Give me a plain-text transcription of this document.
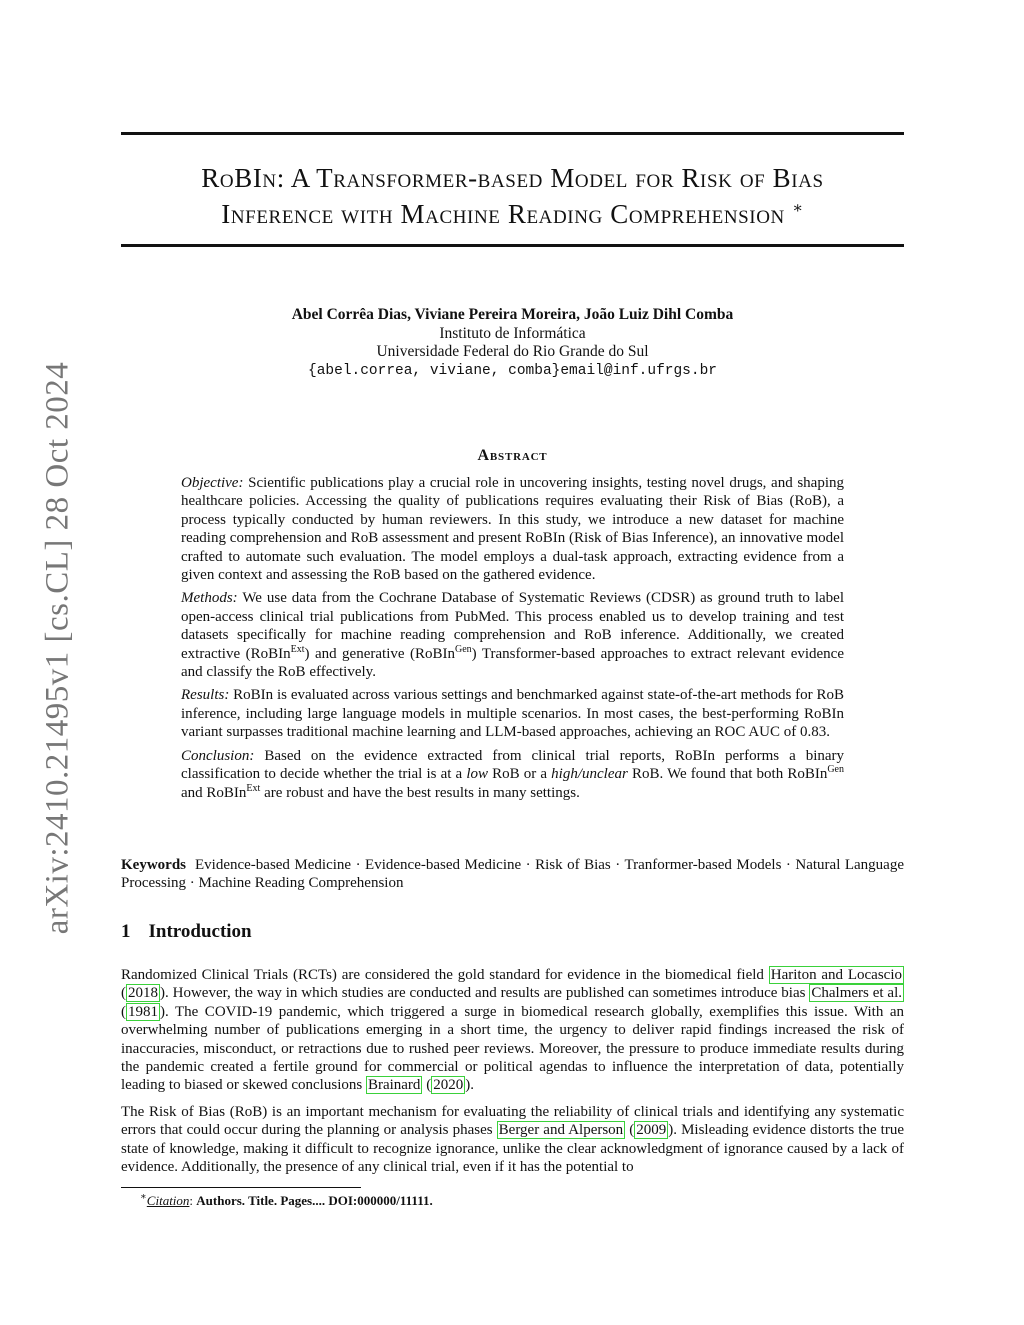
arXiv:2410.21495v1 [cs.CL] 28 Oct 2024
RoBIn: A Transformer-based Model for Risk of Bias
Inference with Machine Reading Comprehension ∗
Abel Corrêa Dias, Viviane Pereira Moreira, João Luiz Dihl Comba
Instituto de Informática
Universidade Federal do Rio Grande do Sul
{abel.correa, viviane, comba}email@inf.ufrgs.br
Abstract

Objective: Scientific publications play a crucial role in uncovering insights, testing novel drugs, and shaping healthcare policies. Accessing the quality of publications requires evaluating their Risk of Bias (RoB), a process typically conducted by human reviewers. In this study, we introduce a new dataset for machine reading comprehension and RoB assessment and present RoBIn (Risk of Bias Inference), an innovative model crafted to automate such evaluation. The model employs a dual-task approach, extracting evidence from a given context and assessing the RoB based on the gathered evidence.

Methods: We use data from the Cochrane Database of Systematic Reviews (CDSR) as ground truth to label open-access clinical trial publications from PubMed. This process enabled us to develop training and test datasets specifically for machine reading comprehension and RoB inference. Additionally, we created extractive (RoBIn$^{Ext}$) and generative (RoBIn$^{Gen}$) Transformer-based approaches to extract relevant evidence and classify the RoB effectively.

Results: RoBIn is evaluated across various settings and benchmarked against state-of-the-art methods for RoB inference, including large language models in multiple scenarios. In most cases, the best-performing RoBIn variant surpasses traditional machine learning and LLM-based approaches, achieving an ROC AUC of 0.83.

Conclusion: Based on the evidence extracted from clinical trial reports, RoBIn performs a binary classification to decide whether the trial is at a low RoB or a high/unclear RoB. We found that both RoBIn$^{Gen}$ and RoBIn$^{Ext}$ are robust and have the best results in many settings.

Keywords Evidence-based Medicine · Evidence-based Medicine · Risk of Bias · Tranformer-based Models · Natural Language Processing · Machine Reading Comprehension
1 Introduction

Randomized Clinical Trials (RCTs) are considered the gold standard for evidence in the biomedical field Hariton and Locascio ( 2018 ). However, the way in which studies are conducted and results are published can sometimes introduce bias Chalmers et al. ( 1981 ). The COVID-19 pandemic, which triggered a surge in biomedical research globally, exemplifies this issue. With an overwhelming number of publications emerging in a short time, the urgency to deliver rapid findings increased the risk of inaccuracies, misconduct, or retractions due to rushed peer reviews. Moreover, the pressure to produce immediate results during the pandemic created a fertile ground for commercial or political agendas to influence the interpretation of data, potentially leading to biased or skewed conclusions Brainard ( 2020 ).

The Risk of Bias (RoB) is an important mechanism for evaluating the reliability of clinical trials and identifying any systematic errors that could occur during the planning or analysis phases Berger and Alperson ( 2009 ). Misleading evidence distorts the true state of knowledge, making it difficult to recognize ignorance, unlike the clear acknowledgment of ignorance caused by a lack of evidence. Additionally, the presence of any clinical trial, even if it has the potential to

∗Citation: Authors. Title. Pages.... DOI:000000/11111.
